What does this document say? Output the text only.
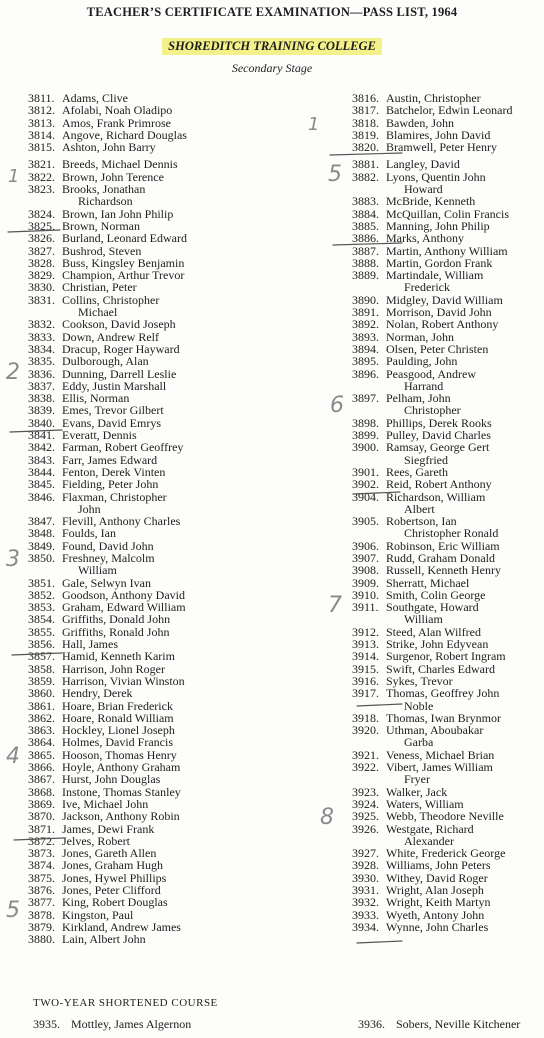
TEACHER’S CERTIFICATE EXAMINATION—PASS LIST, 1964
SHOREDITCH TRAINING COLLEGE
Secondary Stage
3811. Adams, Clive
3812. Afolabi, Noah Oladipo
3813. Amos, Frank Primrose
3814. Angove, Richard Douglas
3815. Ashton, John Barry
3821. Breeds, Michael Dennis
3822. Brown, John Terence
3823. Brooks, Jonathan
Richardson
3824. Brown, Ian John Philip
3825. Brown, Norman
3826. Burland, Leonard Edward
3827. Bushrod, Steven
3828. Buss, Kingsley Benjamin
3829. Champion, Arthur Trevor
3830. Christian, Peter
3831. Collins, Christopher
Michael
3832. Cookson, David Joseph
3833. Down, Andrew Relf
3834. Dracup, Roger Hayward
3835. Dulborough, Alan
3836. Dunning, Darrell Leslie
3837. Eddy, Justin Marshall
3838. Ellis, Norman
3839. Emes, Trevor Gilbert
3840. Evans, David Emrys
3841. Everatt, Dennis
3842. Farman, Robert Geoffrey
3843. Farr, James Edward
3844. Fenton, Derek Vinten
3845. Fielding, Peter John
3846. Flaxman, Christopher
John
3847. Flevill, Anthony Charles
3848. Foulds, Ian
3849. Found, David John
3850. Freshney, Malcolm
William
3851. Gale, Selwyn Ivan
3852. Goodson, Anthony David
3853. Graham, Edward William
3854. Griffiths, Donald John
3855. Griffiths, Ronald John
3856. Hall, James
3857. Hamid, Kenneth Karim
3858. Harrison, John Roger
3859. Harrison, Vivian Winston
3860. Hendry, Derek
3861. Hoare, Brian Frederick
3862. Hoare, Ronald William
3863. Hockley, Lionel Joseph
3864. Holmes, David Francis
3865. Hooson, Thomas Henry
3866. Hoyle, Anthony Graham
3867. Hurst, John Douglas
3868. Instone, Thomas Stanley
3869. Ive, Michael John
3870. Jackson, Anthony Robin
3871. James, Dewi Frank
3872. Jelves, Robert
3873. Jones, Gareth Allen
3874. Jones, Graham Hugh
3875. Jones, Hywel Phillips
3876. Jones, Peter Clifford
3877. King, Robert Douglas
3878. Kingston, Paul
3879. Kirkland, Andrew James
3880. Lain, Albert John
3816. Austin, Christopher
3817. Batchelor, Edwin Leonard
3818. Bawden, John
3819. Blamires, John David
3820. Bramwell, Peter Henry
3881. Langley, David
3882. Lyons, Quentin John
Howard
3883. McBride, Kenneth
3884. McQuillan, Colin Francis
3885. Manning, John Philip
3886. Marks, Anthony
3887. Martin, Anthony William
3888. Martin, Gordon Frank
3889. Martindale, William
Frederick
3890. Midgley, David William
3891. Morrison, David John
3892. Nolan, Robert Anthony
3893. Norman, John
3894. Olsen, Peter Christen
3895. Paulding, John
3896. Peasgood, Andrew
Harrand
3897. Pelham, John
Christopher
3898. Phillips, Derek Rooks
3899. Pulley, David Charles
3900. Ramsay, George Gert
Siegfried
3901. Rees, Gareth
3902. Reid, Robert Anthony
3904. Richardson, William
Albert
3905. Robertson, Ian
Christopher Ronald
3906. Robinson, Eric William
3907. Rudd, Graham Donald
3908. Russell, Kenneth Henry
3909. Sherratt, Michael
3910. Smith, Colin George
3911. Southgate, Howard
William
3912. Steed, Alan Wilfred
3913. Strike, John Edyvean
3914. Surgenor, Robert Ingram
3915. Swift, Charles Edward
3916. Sykes, Trevor
3917. Thomas, Geoffrey John
Noble
3918. Thomas, Iwan Brynmor
3920. Uthman, Aboubakar
Garba
3921. Veness, Michael Brian
3922. Vibert, James William
Fryer
3923. Walker, Jack
3924. Waters, William
3925. Webb, Theodore Neville
3926. Westgate, Richard
Alexander
3927. White, Frederick George
3928. Williams, John Peters
3930. Withey, David Roger
3931. Wright, Alan Joseph
3932. Wright, Keith Martyn
3933. Wyeth, Antony John
3934. Wynne, John Charles
TWO-YEAR SHORTENED COURSE
3935. Mottley, James Algernon	3936. Sobers, Neville Kitchener
1
1	5
2
6
3
7
4
8
5
